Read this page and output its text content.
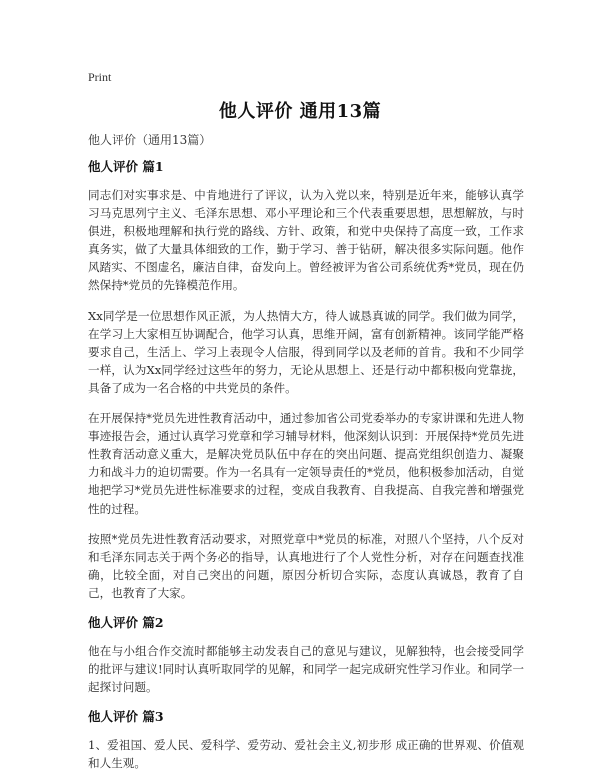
Print
他人评价 通用13篇
他人评价（通用13篇）
他人评价 篇1

同志们对实事求是、中肯地进行了评议，认为入党以来，特别是近年来，能够认真学习马克思列宁主义、毛泽东思想、邓小平理论和三个代表重要思想，思想解放，与时俱进，积极地理解和执行党的路线、方针、政策，和党中央保持了高度一致，工作求真务实，做了大量具体细致的工作，勤于学习、善于钻研，解决很多实际问题。他作风踏实、不图虚名，廉洁自律，奋发向上。曾经被评为省公司系统优秀*党员，现在仍然保持*党员的先锋模范作用。

Xx同学是一位思想作风正派，为人热情大方，待人诚恳真诚的同学。我们做为同学，在学习上大家相互协调配合，他学习认真，思维开阔，富有创新精神。该同学能严格要求自己，生活上、学习上表现令人信服，得到同学以及老师的首肯。我和不少同学一样，认为Xx同学经过这些年的努力，无论从思想上、还是行动中都积极向党靠拢，具备了成为一名合格的中共党员的条件。

在开展保持*党员先进性教育活动中，通过参加省公司党委举办的专家讲课和先进人物事迹报告会，通过认真学习党章和学习辅导材料，他深刻认识到：开展保持*党员先进性教育活动意义重大，是解决党员队伍中存在的突出问题、提高党组织创造力、凝聚力和战斗力的迫切需要。作为一名具有一定领导责任的*党员，他积极参加活动，自觉地把学习*党员先进性标准要求的过程，变成自我教育、自我提高、自我完善和增强党性的过程。

按照*党员先进性教育活动要求，对照党章中*党员的标准，对照八个坚持，八个反对和毛泽东同志关于两个务必的指导，认真地进行了个人党性分析，对存在问题查找准确，比较全面，对自己突出的问题，原因分析切合实际，态度认真诚恳，教育了自己，也教育了大家。

他人评价 篇2

他在与小组合作交流时都能够主动发表自己的意见与建议，见解独特，也会接受同学的批评与建议!同时认真听取同学的见解，和同学一起完成研究性学习作业。和同学一起探讨问题。

他人评价 篇3

1、爱祖国、爱人民、爱科学、爱劳动、爱社会主义,初步形 成正确的世界观、价值观和人生观。
